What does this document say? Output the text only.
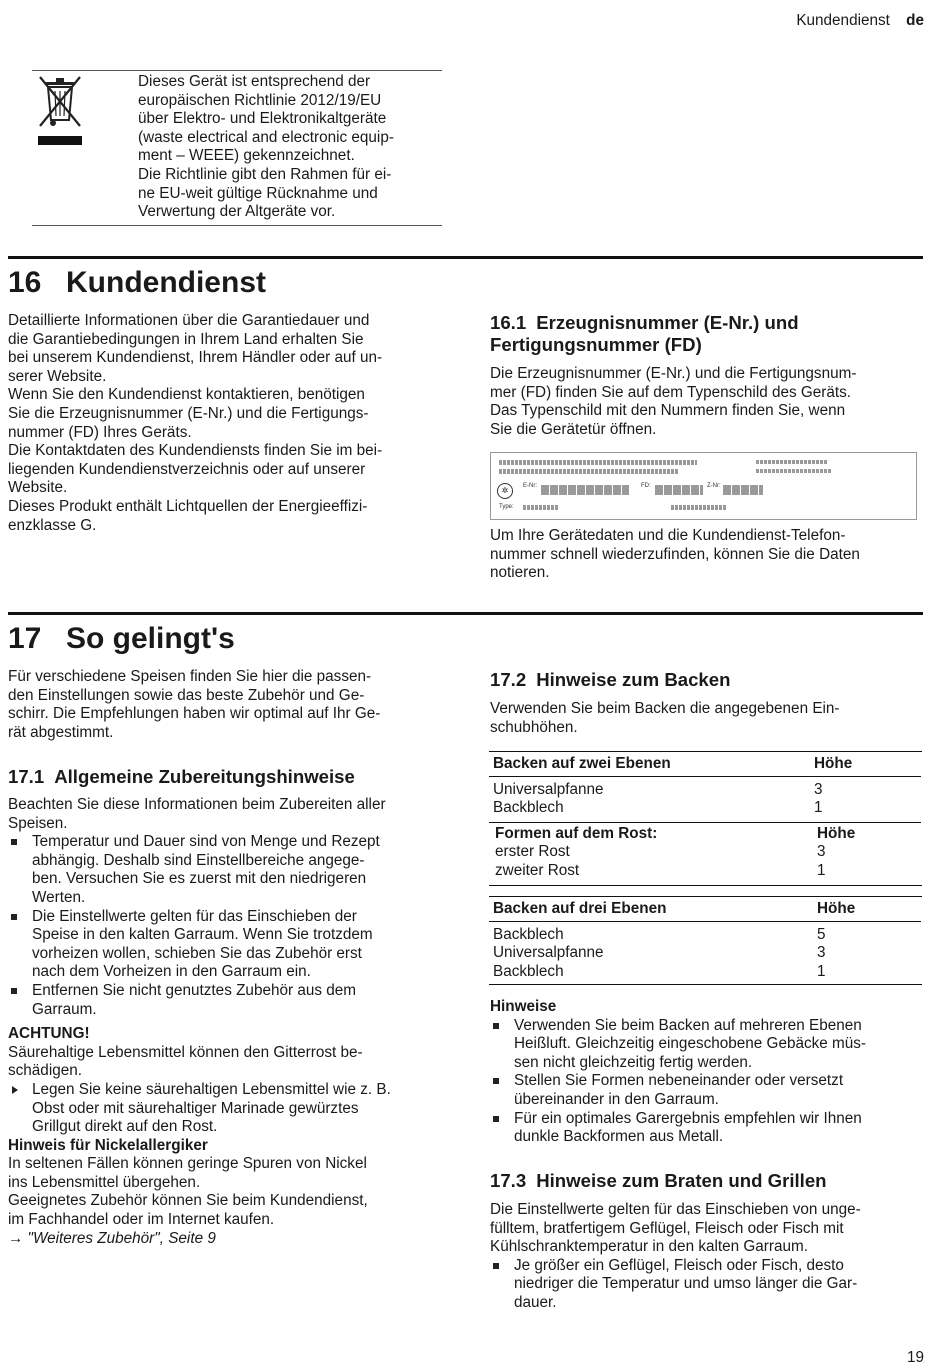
Kundendienst de

Dieses Gerät ist entsprechend der

europäischen Richtlinie 2012/19/EU

über Elektro- und Elektronikaltgeräte

(waste electrical and electronic equip-

ment – WEEE) gekennzeichnet.

Die Richtlinie gibt den Rahmen für ei-

ne EU-weit gültige Rücknahme und

Verwertung der Altgeräte vor.

16 Kundendienst

Detaillierte Informationen über die Garantiedauer und

die Garantiebedingungen in Ihrem Land erhalten Sie

bei unserem Kundendienst, Ihrem Händler oder auf un-

serer Website.

Wenn Sie den Kundendienst kontaktieren, benötigen

Sie die Erzeugnisnummer (E-Nr.) und die Fertigungs-

nummer (FD) Ihres Geräts.

Die Kontaktdaten des Kundendiensts finden Sie im bei-

liegenden Kundendienstverzeichnis oder auf unserer

Website.

Dieses Produkt enthält Lichtquellen der Energieeffizi-

enzklasse G.

16.1 Erzeugnisnummer (E-Nr.) und
Fertigungsnummer (FD)

Die Erzeugnisnummer (E-Nr.) und die Fertigungsnum-

mer (FD) finden Sie auf dem Typenschild des Geräts.

Das Typenschild mit den Nummern finden Sie, wenn

Sie die Gerätetür öffnen.

✲	E-Nr:	FD:	Z-Nr:
Type:

Um Ihre Gerätedaten und die Kundendienst-Telefon-

nummer schnell wiederzufinden, können Sie die Daten

notieren.

17 So gelingt's

Für verschiedene Speisen finden Sie hier die passen-

den Einstellungen sowie das beste Zubehör und Ge-

schirr. Die Empfehlungen haben wir optimal auf Ihr Ge-

rät abgestimmt.

17.1 Allgemeine Zubereitungshinweise

Beachten Sie diese Informationen beim Zubereiten aller

Speisen.

Temperatur und Dauer sind von Menge und Rezept
abhängig. Deshalb sind Einstellbereiche angege-
ben. Versuchen Sie es zuerst mit den niedrigeren
Werten.
Die Einstellwerte gelten für das Einschieben der
Speise in den kalten Garraum. Wenn Sie trotzdem
vorheizen wollen, schieben Sie das Zubehör erst
nach dem Vorheizen in den Garraum ein.
Entfernen Sie nicht genutztes Zubehör aus dem
Garraum.

ACHTUNG!

Säurehaltige Lebensmittel können den Gitterrost be-

schädigen.

Legen Sie keine säurehaltigen Lebensmittel wie z. B.
Obst oder mit säurehaltiger Marinade gewürztes
Grillgut direkt auf den Rost.

Hinweis für Nickelallergiker

In seltenen Fällen können geringe Spuren von Nickel

ins Lebensmittel übergehen.

Geeignetes Zubehör können Sie beim Kundendienst,

im Fachhandel oder im Internet kaufen.

→ "Weiteres Zubehör", Seite 9

17.2 Hinweise zum Backen

Verwenden Sie beim Backen die angegebenen Ein-

schubhöhen.

Backen auf zwei Ebenen	Höhe

Universalpfanne	3
Backblech	1

Formen auf dem Rost:	Höhe
erster Rost	3
zweiter Rost	1
Backen auf drei Ebenen	Höhe

Backblech	5
Universalpfanne	3
Backblech	1

Hinweise

Verwenden Sie beim Backen auf mehreren Ebenen
Heißluft. Gleichzeitig eingeschobene Gebäcke müs-
sen nicht gleichzeitig fertig werden.
Stellen Sie Formen nebeneinander oder versetzt
übereinander in den Garraum.
Für ein optimales Garergebnis empfehlen wir Ihnen
dunkle Backformen aus Metall.
17.3 Hinweise zum Braten und Grillen

Die Einstellwerte gelten für das Einschieben von unge-

fülltem, bratfertigem Geflügel, Fleisch oder Fisch mit

Kühlschranktemperatur in den kalten Garraum.

Je größer ein Geflügel, Fleisch oder Fisch, desto
niedriger die Temperatur und umso länger die Gar-
dauer.
19
